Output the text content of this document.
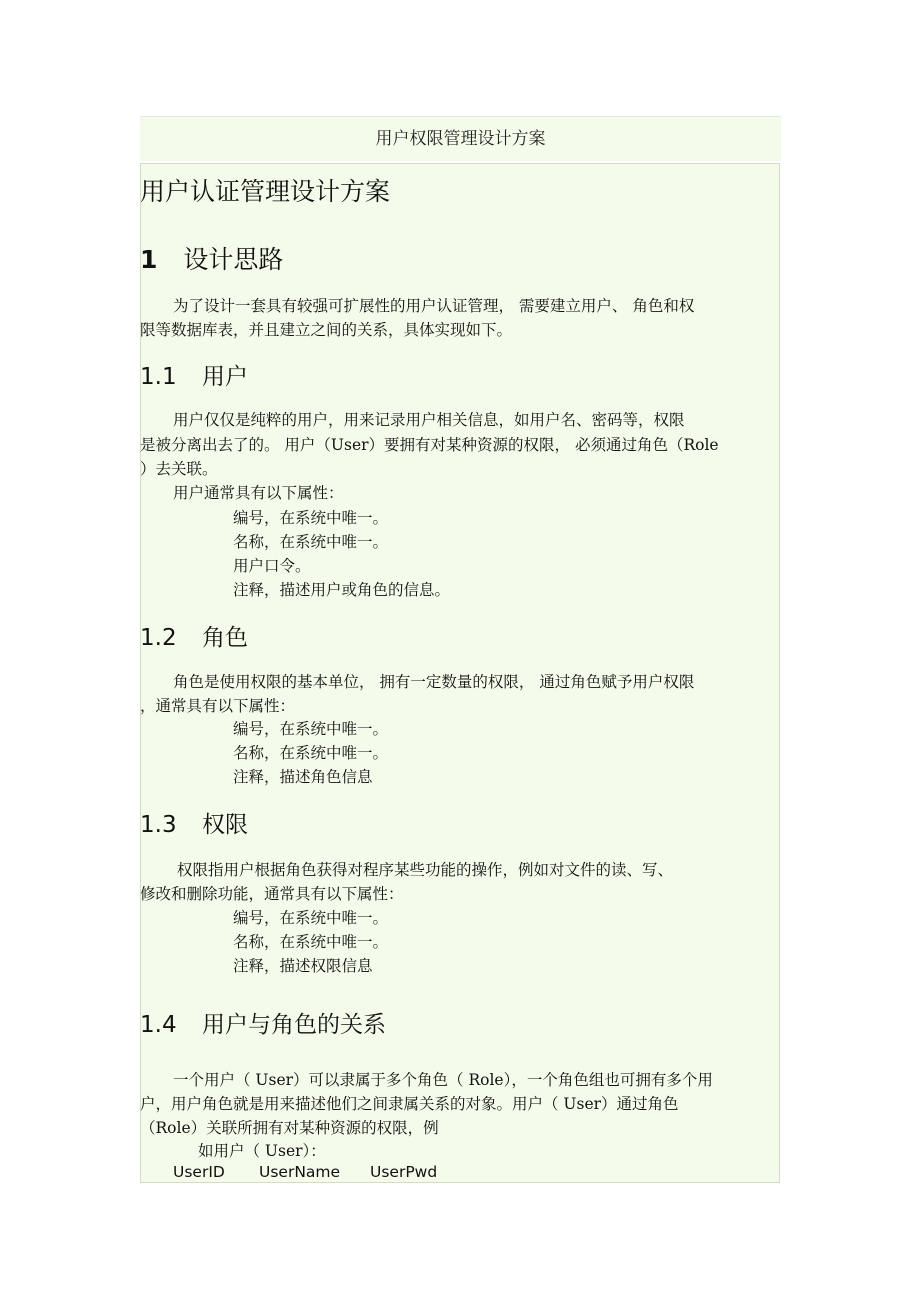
用户权限管理设计方案
用户认证管理设计方案
1 设计思路
为了设计一套具有较强可扩展性的用户认证管理， 需要建立用户、 角色和权
限等数据库表，并且建立之间的关系，具体实现如下。
1.1 用户
用户仅仅是纯粹的用户，用来记录用户相关信息，如用户名、密码等，权限
是被分离出去了的。 用户（User）要拥有对某种资源的权限， 必须通过角色（Role
）去关联。
用户通常具有以下属性：
编号，在系统中唯一。
名称，在系统中唯一。
用户口令。
注释，描述用户或角色的信息。
1.2 角色
角色是使用权限的基本单位， 拥有一定数量的权限， 通过角色赋予用户权限
，通常具有以下属性：
编号，在系统中唯一。
名称，在系统中唯一。
注释，描述角色信息
1.3 权限
权限指用户根据角色获得对程序某些功能的操作，例如对文件的读、写、
修改和删除功能，通常具有以下属性：
编号，在系统中唯一。
名称，在系统中唯一。
注释，描述权限信息
1.4 用户与角色的关系
一个用户（ User）可以隶属于多个角色（ Role），一个角色组也可拥有多个用
户，用户角色就是用来描述他们之间隶属关系的对象。用户（ User）通过角色
（Role）关联所拥有对某种资源的权限，例
如用户（ User）：
UserID UserName UserPwd
